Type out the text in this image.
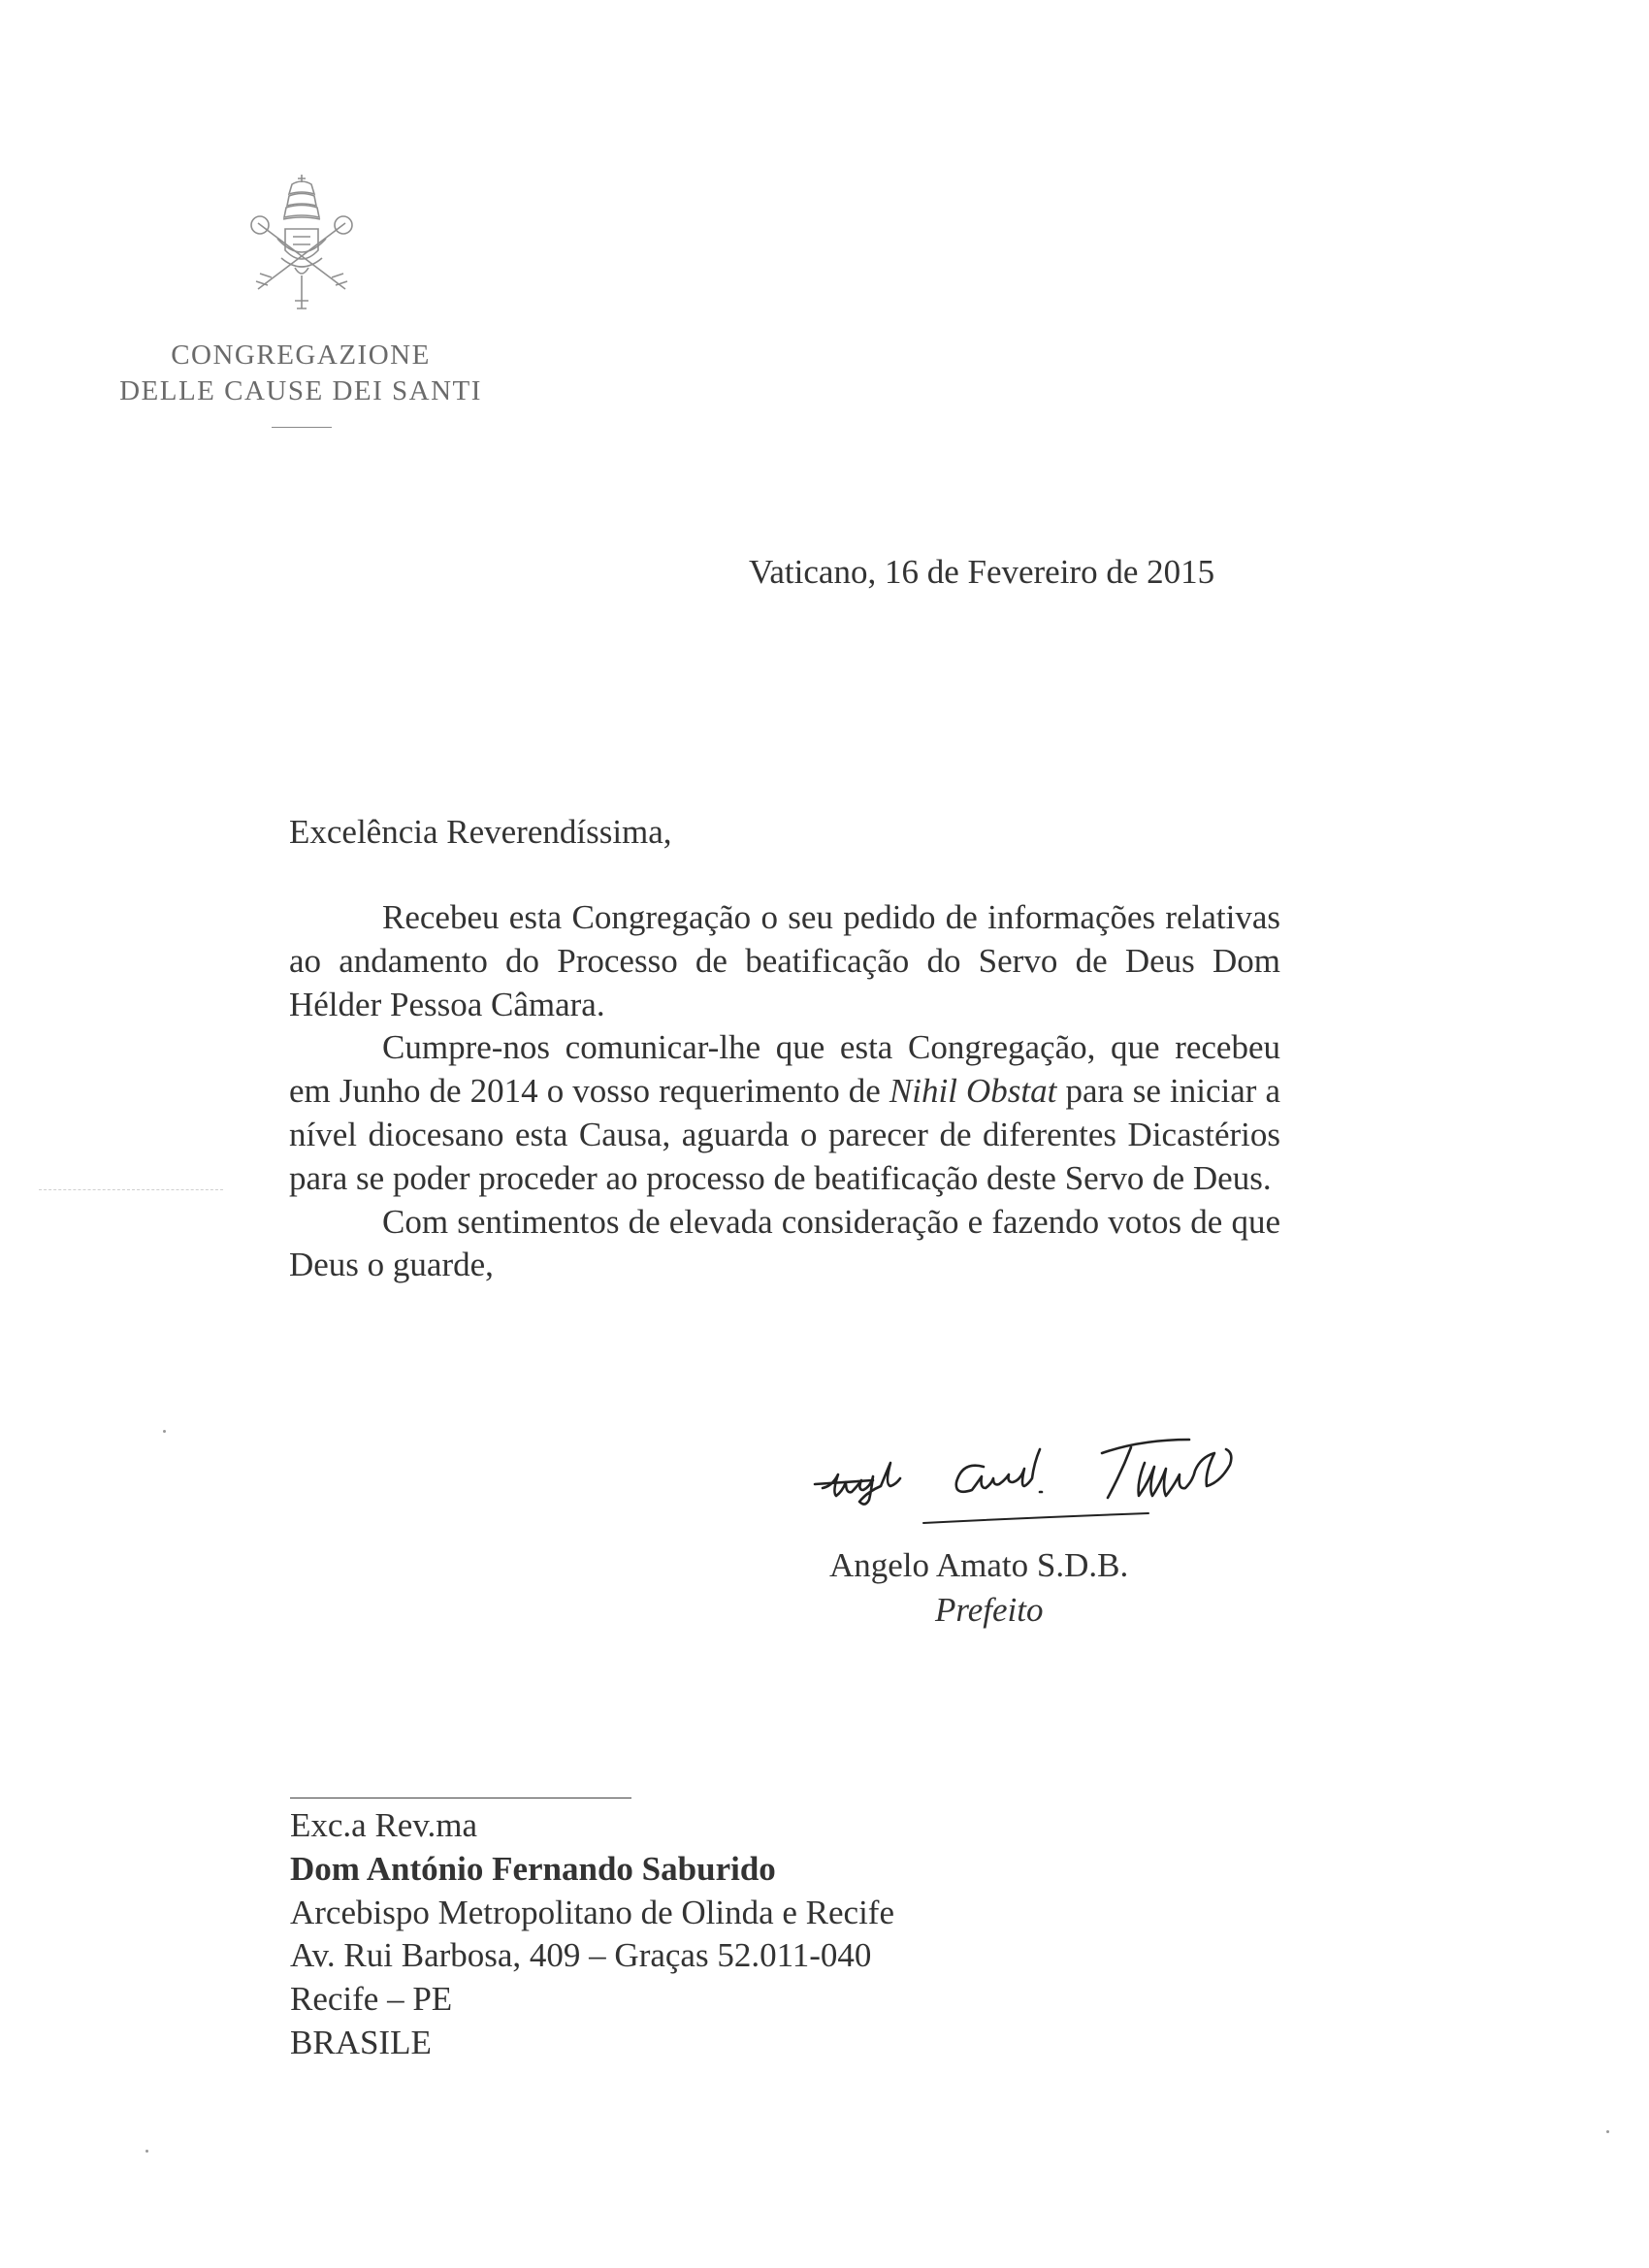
CONGREGAZIONE
DELLE CAUSE DEI SANTI
Vaticano, 16 de Fevereiro de 2015
Excelência Reverendíssima,

Recebeu esta Congregação o seu pedido de informações relativas ao andamento do Processo de beatificação do Servo de Deus Dom Hélder Pessoa Câmara.

Cumpre-nos comunicar-lhe que esta Congregação, que recebeu em Junho de 2014 o vosso requerimento de Nihil Obstat para se iniciar a nível diocesano esta Causa, aguarda o parecer de diferentes Dicastérios para se poder proceder ao processo de beatificação deste Servo de Deus.

Com sentimentos de elevada consideração e fazendo votos de que Deus o guarde,

Angelo Amato S.D.B.
Prefeito
Exc.a Rev.ma
Dom António Fernando Saburido
Arcebispo Metropolitano de Olinda e Recife
Av. Rui Barbosa, 409 – Graças 52.011-040
Recife – PE
BRASILE
